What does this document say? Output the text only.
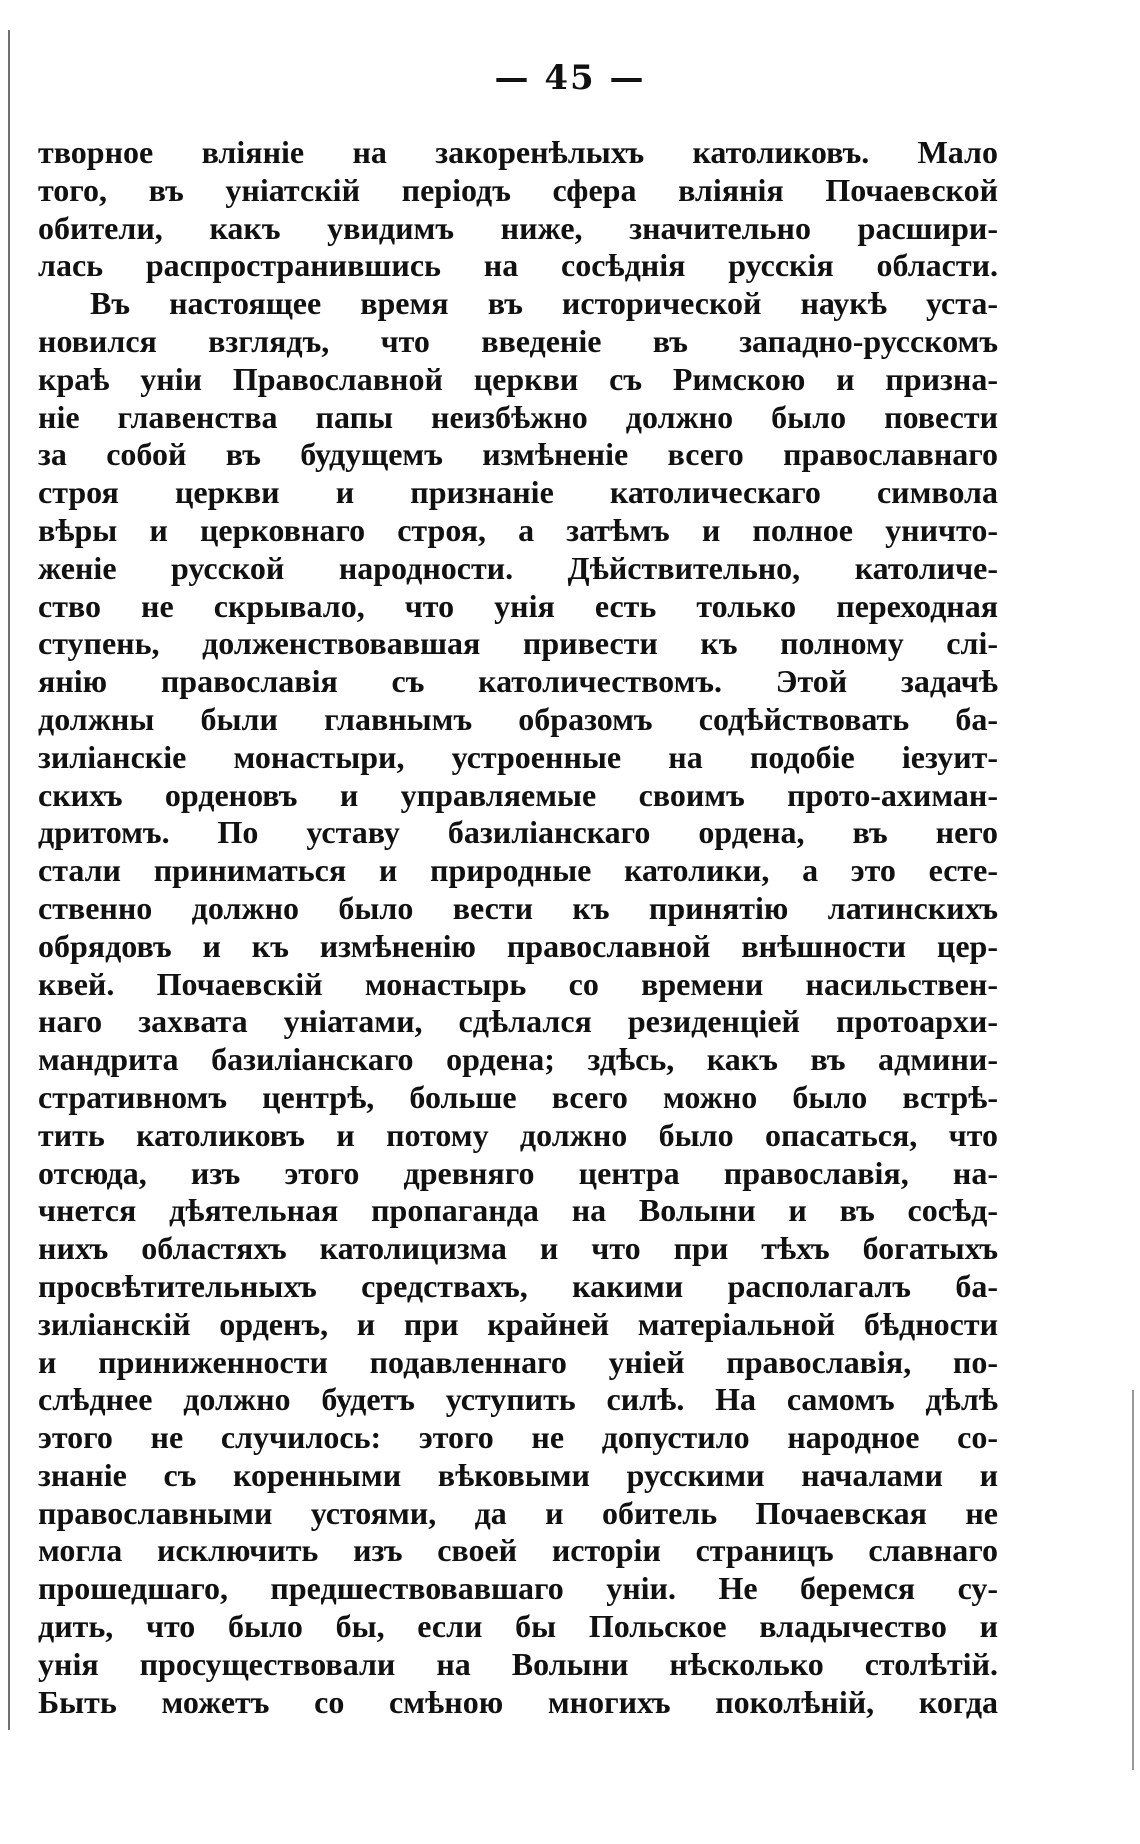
— 45 —
творное вліяніе на закоренѣлыхъ католиковъ. Мало
того, въ уніатскій періодъ сфера вліянія Почаевской
обители, какъ увидимъ ниже, значительно расшири-
лась распространившись на сосѣднія русскія области.
Въ настоящее время въ исторической наукѣ уста-
новился взглядъ, что введеніе въ западно-русскомъ
краѣ уніи Православной церкви съ Римскою и призна-
ніе главенства папы неизбѣжно должно было повести
за собой въ будущемъ измѣненіе всего православнаго
строя церкви и признаніе католическаго символа
вѣры и церковнаго строя, а затѣмъ и полное уничто-
женіе русской народности. Дѣйствительно, католиче-
ство не скрывало, что унія есть только переходная
ступень, долженствовавшая привести къ полному слі-
янію православія съ католичествомъ. Этой задачѣ
должны были главнымъ образомъ содѣйствовать ба-
зиліанскіе монастыри, устроенные на подобіе іезуит-
скихъ орденовъ и управляемые своимъ прото-ахиман-
дритомъ. По уставу базиліанскаго ордена, въ него
стали приниматься и природные католики, а это есте-
ственно должно было вести къ принятію латинскихъ
обрядовъ и къ измѣненію православной внѣшности цер-
квей. Почаевскій монастырь со времени насильствен-
наго захвата уніатами, сдѣлался резиденціей протоархи-
мандрита базиліанскаго ордена; здѣсь, какъ въ админи-
стративномъ центрѣ, больше всего можно было встрѣ-
тить католиковъ и потому должно было опасаться, что
отсюда, изъ этого древняго центра православія, на-
чнется дѣятельная пропаганда на Волыни и въ сосѣд-
нихъ областяхъ католицизма и что при тѣхъ богатыхъ
просвѣтительныхъ средствахъ, какими располагалъ ба-
зиліанскій орденъ, и при крайней матеріальной бѣдности
и приниженности подавленнаго уніей православія, по-
слѣднее должно будетъ уступить силѣ. На самомъ дѣлѣ
этого не случилось: этого не допустило народное со-
знаніе съ коренными вѣковыми русскими началами и
православными устоями, да и обитель Почаевская не
могла исключить изъ своей исторіи страницъ славнаго
прошедшаго, предшествовавшаго уніи. Не беремся су-
дить, что было бы, если бы Польское владычество и
унія просуществовали на Волыни нѣсколько столѣтій.
Быть можетъ со смѣною многихъ поколѣній, когда
